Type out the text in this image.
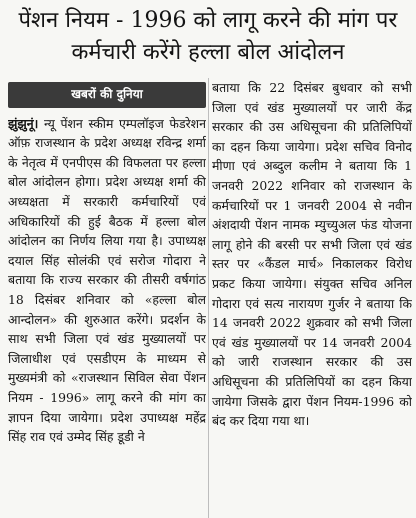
पेंशन नियम - 1996 को लागू करने की मांग पर
कर्मचारी करेंगे हल्ला बोल आंदोलन
खबरों की दुनिया

झुंझुनूं। न्यू पेंशन स्कीम एम्पलॉइज फेडरेशन ऑफ़ राजस्थान के प्रदेश अध्यक्ष रविन्द्र शर्मा के नेतृत्व में एनपीएस की विफलता पर हल्ला बोल आंदोलन होगा। प्रदेश अध्यक्ष शर्मा की अध्यक्षता में सरकारी कर्मचारियों एवं अधिकारियों की हुई बैठक में हल्ला बोल आंदोलन का निर्णय लिया गया है। उपाध्यक्ष दयाल सिंह सोलंकी एवं सरोज गोदारा ने बताया कि राज्य सरकार की तीसरी वर्षगांठ 18 दिसंबर शनिवार को «हल्ला बोल आन्दोलन» की शुरुआत करेंगे। प्रदर्शन के साथ सभी जिला एवं खंड मुख्यालयों पर जिलाधीश एवं एसडीएम के माध्यम से मुख्यमंत्री को «राजस्थान सिविल सेवा पेंशन नियम - 1996» लागू करने की मांग का ज्ञापन दिया जायेगा। प्रदेश उपाध्यक्ष महेंद्र सिंह राव एवं उम्मेद सिंह डूडी ने

बताया कि 22 दिसंबर बुधवार को सभी जिला एवं खंड मुख्यालयों पर जारी केंद्र सरकार की उस अधिसूचना की प्रतिलिपियों का दहन किया जायेगा। प्रदेश सचिव विनोद मीणा एवं अब्दुल कलीम ने बताया कि 1 जनवरी 2022 शनिवार को राजस्थान के कर्मचारियों पर 1 जनवरी 2004 से नवीन अंशदायी पेंशन नामक म्युच्युअल फंड योजना लागू होने की बरसी पर सभी जिला एवं खंड स्तर पर «कैंडल मार्च» निकालकर विरोध प्रकट किया जायेगा। संयुक्त सचिव अनिल गोदारा एवं सत्य नारायण गुर्जर ने बताया कि 14 जनवरी 2022 शुक्रवार को सभी जिला एवं खंड मुख्यालयों पर 14 जनवरी 2004 को जारी राजस्थान सरकार की उस अधिसूचना की प्रतिलिपियों का दहन किया जायेगा जिसके द्वारा पेंशन नियम-1996 को बंद कर दिया गया था।
